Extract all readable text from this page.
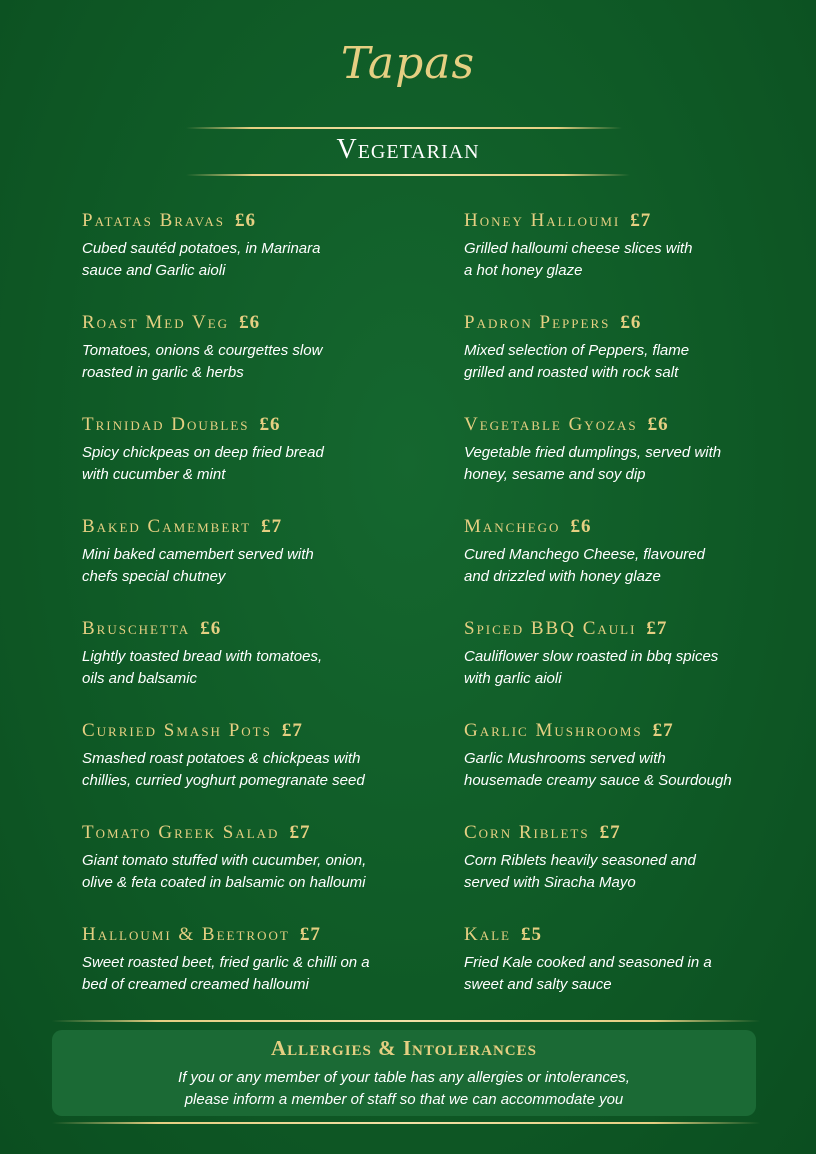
Tapas
Vegetarian
Patatas Bravas £6
Cubed sautéd potatoes, in Marinara
sauce and Garlic aioli
Roast Med Veg £6
Tomatoes, onions & courgettes slow
roasted in garlic & herbs
Trinidad Doubles £6
Spicy chickpeas on deep fried bread
with cucumber & mint
Baked Camembert £7
Mini baked camembert served with
chefs special chutney
Bruschetta £6
Lightly toasted bread with tomatoes,
oils and balsamic
Curried Smash Pots £7
Smashed roast potatoes & chickpeas with
chillies, curried yoghurt pomegranate seed
Tomato Greek Salad £7
Giant tomato stuffed with cucumber, onion,
olive & feta coated in balsamic on halloumi
Halloumi & Beetroot £7
Sweet roasted beet, fried garlic & chilli on a
bed of creamed creamed halloumi
Honey Halloumi £7
Grilled halloumi cheese slices with
a hot honey glaze
Padron Peppers £6
Mixed selection of Peppers, flame
grilled and roasted with rock salt
Vegetable Gyozas £6
Vegetable fried dumplings, served with
honey, sesame and soy dip
Manchego £6
Cured Manchego Cheese, flavoured
and drizzled with honey glaze
Spiced BBQ Cauli £7
Cauliflower slow roasted in bbq spices
with garlic aioli
Garlic Mushrooms £7
Garlic Mushrooms served with
housemade creamy sauce & Sourdough
Corn Riblets £7
Corn Riblets heavily seasoned and
served with Siracha Mayo
Kale £5
Fried Kale cooked and seasoned in a
sweet and salty sauce
Allergies & Intolerances
If you or any member of your table has any allergies or intolerances,
please inform a member of staff so that we can accommodate you
